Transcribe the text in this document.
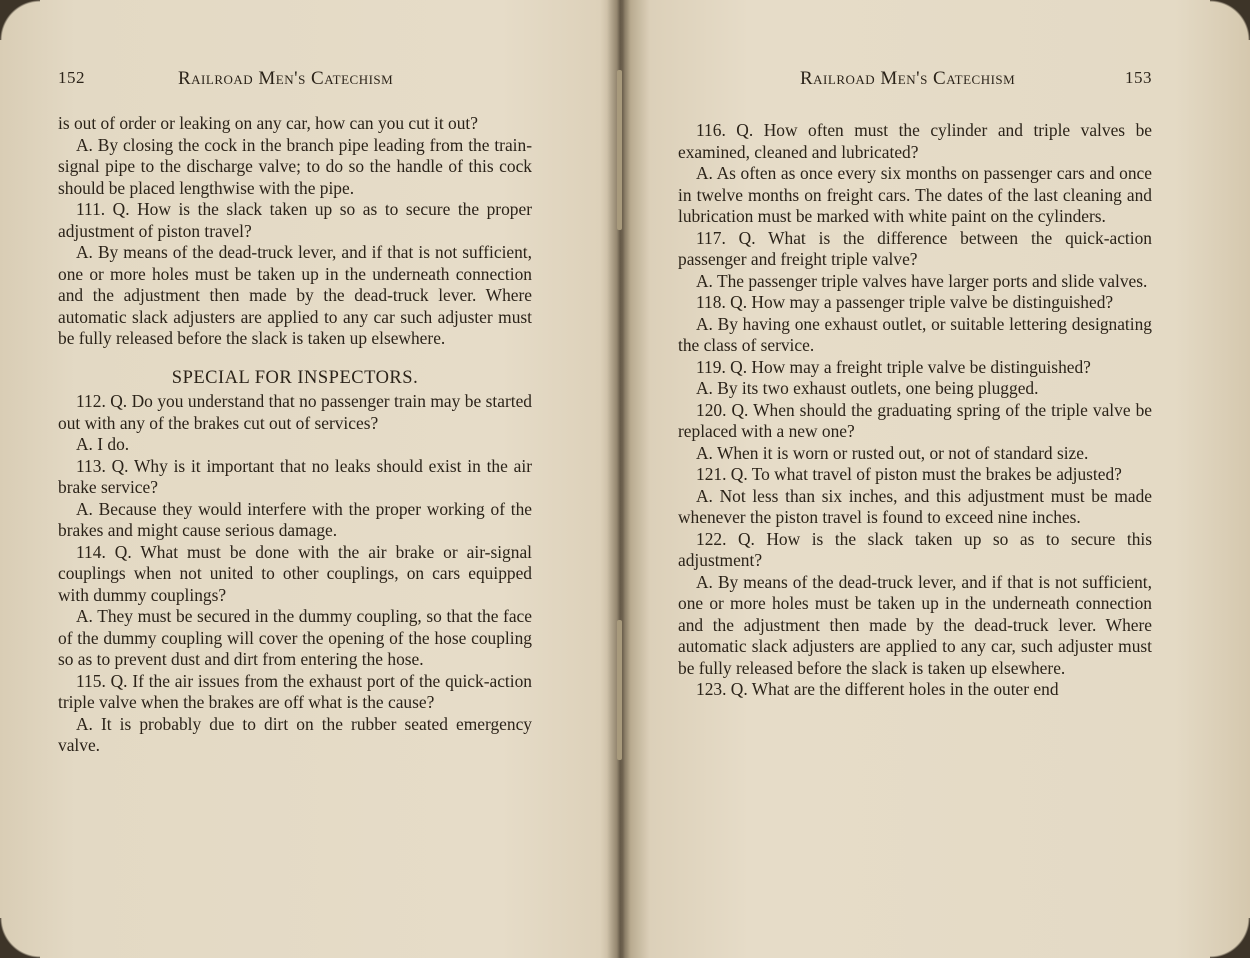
152	Railroad Men's Catechism

is out of order or leaking on any car, how can you cut it out?

A. By closing the cock in the branch pipe leading from the train-signal pipe to the discharge valve; to do so the handle of this cock should be placed lengthwise with the pipe.

111. Q. How is the slack taken up so as to secure the proper adjustment of piston travel?

A. By means of the dead-truck lever, and if that is not sufficient, one or more holes must be taken up in the underneath connection and the adjustment then made by the dead-truck lever. Where automatic slack adjusters are applied to any car such adjuster must be fully released before the slack is taken up elsewhere.

SPECIAL FOR INSPECTORS.

112. Q. Do you understand that no passenger train may be started out with any of the brakes cut out of services?

A. I do.

113. Q. Why is it important that no leaks should exist in the air brake service?

A. Because they would interfere with the proper working of the brakes and might cause serious damage.

114. Q. What must be done with the air brake or air-signal couplings when not united to other couplings, on cars equipped with dummy couplings?

A. They must be secured in the dummy coupling, so that the face of the dummy coupling will cover the opening of the hose coupling so as to prevent dust and dirt from entering the hose.

115. Q. If the air issues from the exhaust port of the quick-action triple valve when the brakes are off what is the cause?

A. It is probably due to dirt on the rubber seated emergency valve.

Railroad Men's Catechism	153

116. Q. How often must the cylinder and triple valves be examined, cleaned and lubricated?

A. As often as once every six months on passenger cars and once in twelve months on freight cars. The dates of the last cleaning and lubrication must be marked with white paint on the cylinders.

117. Q. What is the difference between the quick-action passenger and freight triple valve?

A. The passenger triple valves have larger ports and slide valves.

118. Q. How may a passenger triple valve be distinguished?

A. By having one exhaust outlet, or suitable lettering designating the class of service.

119. Q. How may a freight triple valve be distinguished?

A. By its two exhaust outlets, one being plugged.

120. Q. When should the graduating spring of the triple valve be replaced with a new one?

A. When it is worn or rusted out, or not of standard size.

121. Q. To what travel of piston must the brakes be adjusted?

A. Not less than six inches, and this adjustment must be made whenever the piston travel is found to exceed nine inches.

122. Q. How is the slack taken up so as to secure this adjustment?

A. By means of the dead-truck lever, and if that is not sufficient, one or more holes must be taken up in the underneath connection and the adjustment then made by the dead-truck lever. Where automatic slack adjusters are applied to any car, such adjuster must be fully released before the slack is taken up elsewhere.

123. Q. What are the different holes in the outer end
